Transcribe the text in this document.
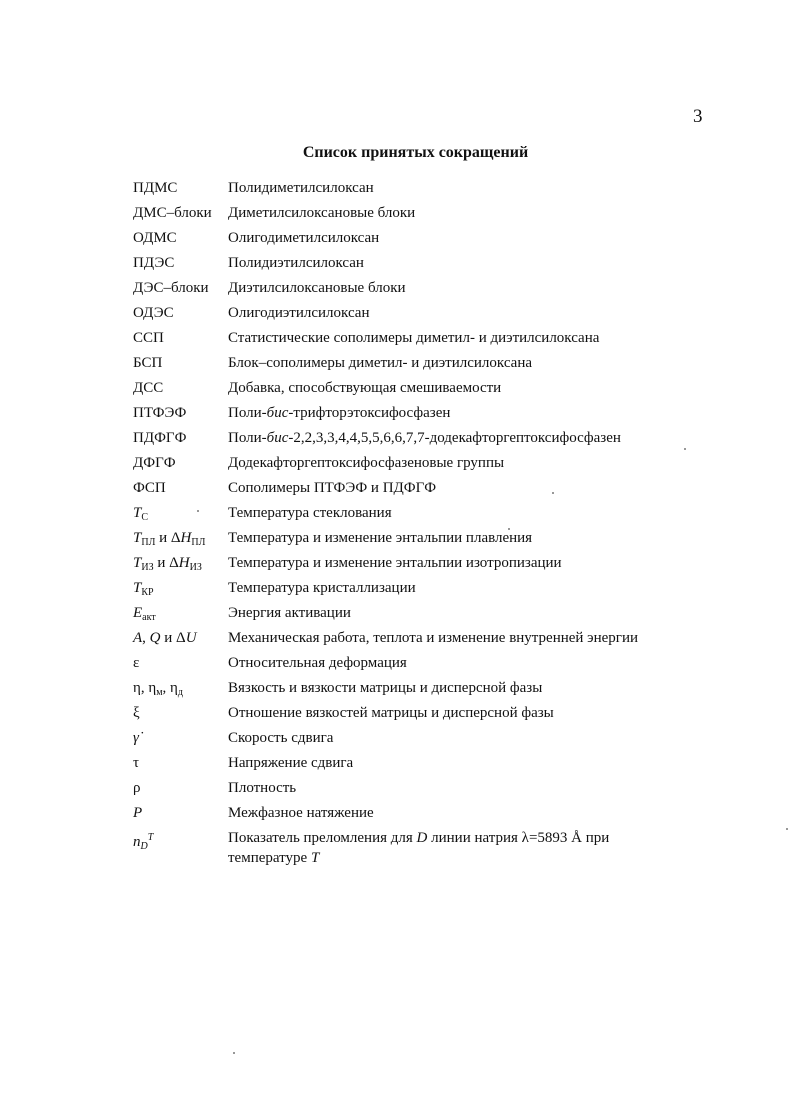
3
Список принятых сокращений
ПДМС	Полидиметилсилоксан
ДМС–блоки	Диметилсилоксановые блоки
ОДМС	Олигодиметилсилоксан
ПДЭС	Полидиэтилсилоксан
ДЭС–блоки	Диэтилсилоксановые блоки
ОДЭС	Олигодиэтилсилоксан
ССП	Статистические сополимеры диметил- и диэтилсилоксана
БСП	Блок–сополимеры диметил- и диэтилсилоксана
ДСС	Добавка, способствующая смешиваемости
ПТФЭФ	Поли-бис-трифторэтоксифосфазен
ПДФГФ	Поли-бис-2,2,3,3,4,4,5,5,6,6,7,7-додекафторгептоксифосфазен
ДФГФ	Додекафторгептоксифосфазеновые группы
ФСП	Сополимеры ПТФЭФ и ПДФГФ
$T_С$	Температура стеклования
$T_{ПЛ}$ и $\Delta H_{ПЛ}$	Температура и изменение энтальпии плавления
$T_{ИЗ}$ и $\Delta H_{ИЗ}$	Температура и изменение энтальпии изотропизации
$T_{КР}$	Температура кристаллизации
$E_{акт}$	Энергия активации
A, Q и ΔU	Механическая работа, теплота и изменение внутренней энергии
ε	Относительная деформация
η, $\eta_м$, $\eta_д$	Вязкость и вязкости матрицы и дисперсной фазы
ξ	Отношение вязкостей матрицы и дисперсной фазы
γ̇	Скорость сдвига
τ	Напряжение сдвига
ρ	Плотность
P	Межфазное натяжение
$n_D^T$	Показатель преломления для D линии натрия λ=5893 Å при
температуре T
